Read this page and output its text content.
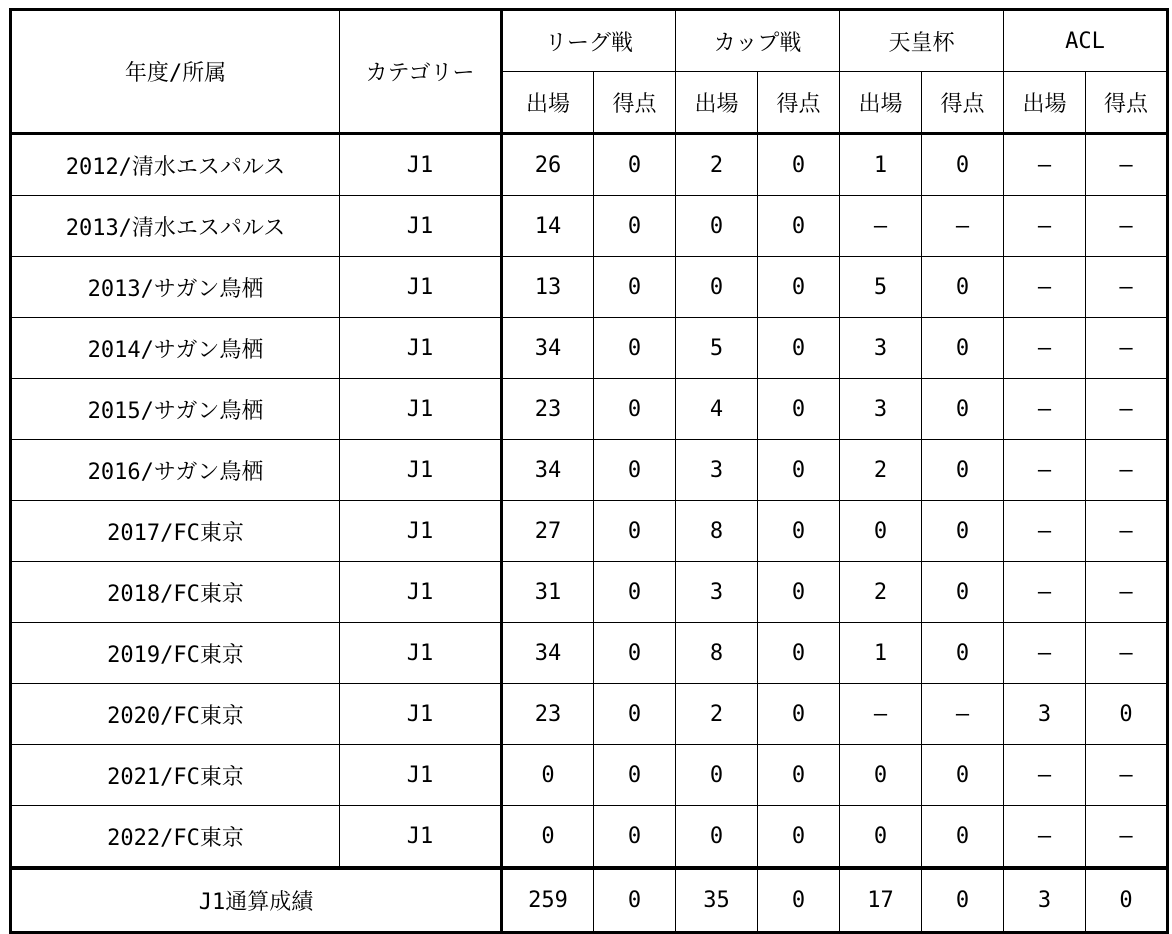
年度/所属	カテゴリー	リーグ戦		カップ戦		天皇杯		ACL	
		出場	得点	出場	得点	出場	得点	出場	得点
2012/清水エスパルス	J1	26	0	2	0	1	0	–	–
2013/清水エスパルス	J1	14	0	0	0	–	–	–	–
2013/サガン鳥栖	J1	13	0	0	0	5	0	–	–
2014/サガン鳥栖	J1	34	0	5	0	3	0	–	–
2015/サガン鳥栖	J1	23	0	4	0	3	0	–	–
2016/サガン鳥栖	J1	34	0	3	0	2	0	–	–
2017/FC東京	J1	27	0	8	0	0	0	–	–
2018/FC東京	J1	31	0	3	0	2	0	–	–
2019/FC東京	J1	34	0	8	0	1	0	–	–
2020/FC東京	J1	23	0	2	0	–	–	3	0
2021/FC東京	J1	0	0	0	0	0	0	–	–
2022/FC東京	J1	0	0	0	0	0	0	–	–
J1通算成績		259	0	35	0	17	0	3	0
